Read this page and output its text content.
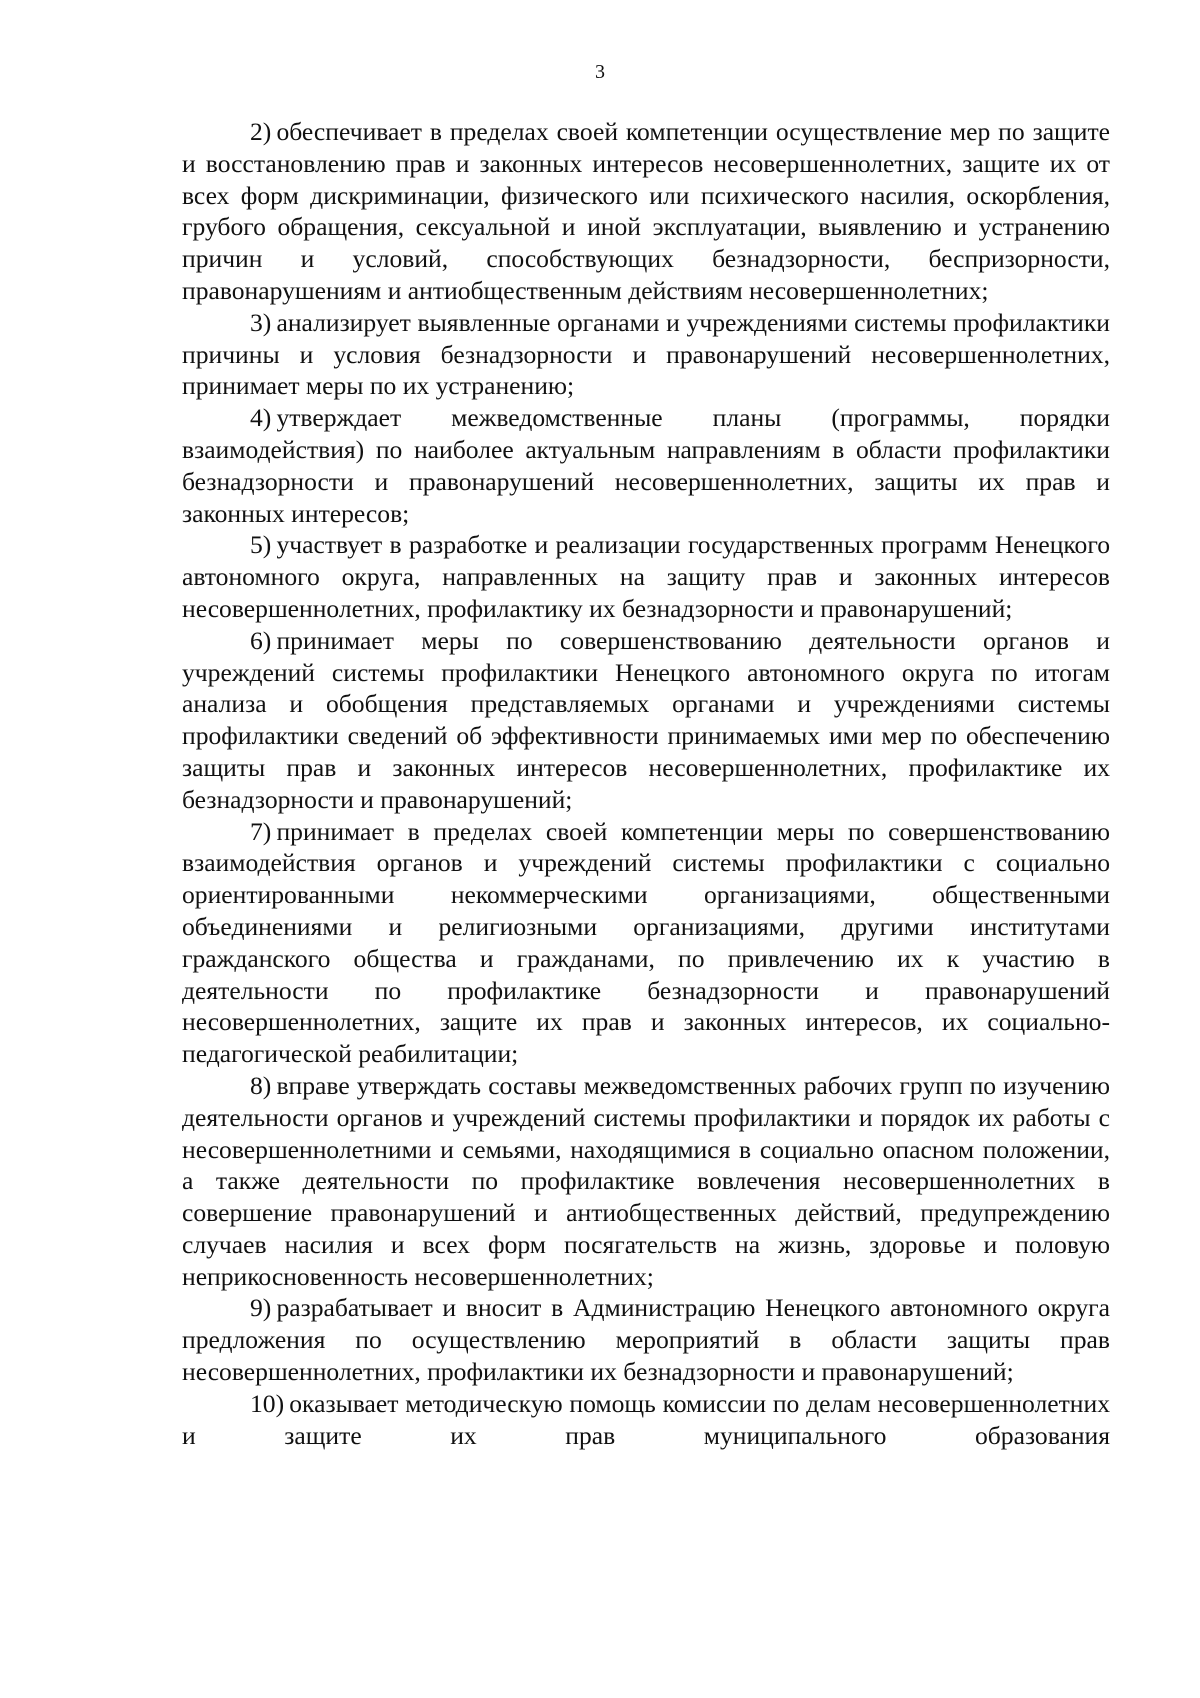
3

2)  обеспечивает в пределах своей компетенции осуществление мер по защите и восстановлению прав и законных интересов несовершеннолетних, защите их от всех форм дискриминации, физического или психического насилия, оскорбления, грубого обращения, сексуальной и иной эксплуатации, выявлению и устранению причин и условий, способствующих безнадзорности, беспризорности, правонарушениям и антиобщественным действиям несовершеннолетних;

3)  анализирует выявленные органами и учреждениями системы профилактики причины и условия безнадзорности и правонарушений несовершеннолетних, принимает меры по их устранению;

4)  утверждает межведомственные планы (программы, порядки взаимодействия) по наиболее актуальным направлениям в области профилактики безнадзорности и правонарушений несовершеннолетних, защиты их прав и законных интересов;

5)  участвует в разработке и реализации государственных программ Ненецкого автономного округа, направленных на защиту прав и законных интересов несовершеннолетних, профилактику их безнадзорности и правонарушений;

6)  принимает меры по совершенствованию деятельности органов и учреждений системы профилактики Ненецкого автономного округа по итогам анализа и обобщения представляемых органами и учреждениями системы профилактики сведений об эффективности принимаемых ими мер по обеспечению защиты прав и законных интересов несовершеннолетних, профилактике их безнадзорности и правонарушений;

7)  принимает в пределах своей компетенции меры по совершенствованию взаимодействия органов и учреждений системы профилактики с социально ориентированными некоммерческими организациями, общественными объединениями и религиозными организациями, другими институтами гражданского общества и гражданами, по привлечению их к участию в деятельности по профилактике безнадзорности и правонарушений несовершеннолетних, защите их прав и законных интересов, их социально-педагогической реабилитации;

8)  вправе утверждать составы межведомственных рабочих групп по изучению деятельности органов и учреждений системы профилактики и порядок их работы с несовершеннолетними и семьями, находящимися в социально опасном положении, а также деятельности по профилактике вовлечения несовершеннолетних в совершение правонарушений и антиобщественных действий, предупреждению случаев насилия и всех форм посягательств на жизнь, здоровье и половую неприкосновенность несовершеннолетних;

9)  разрабатывает и вносит в Администрацию Ненецкого автономного округа предложения по осуществлению мероприятий в области защиты прав несовершеннолетних, профилактики их безнадзорности и правонарушений;

10)  оказывает методическую помощь комиссии по делам несовершеннолетних и защите их прав муниципального образования
